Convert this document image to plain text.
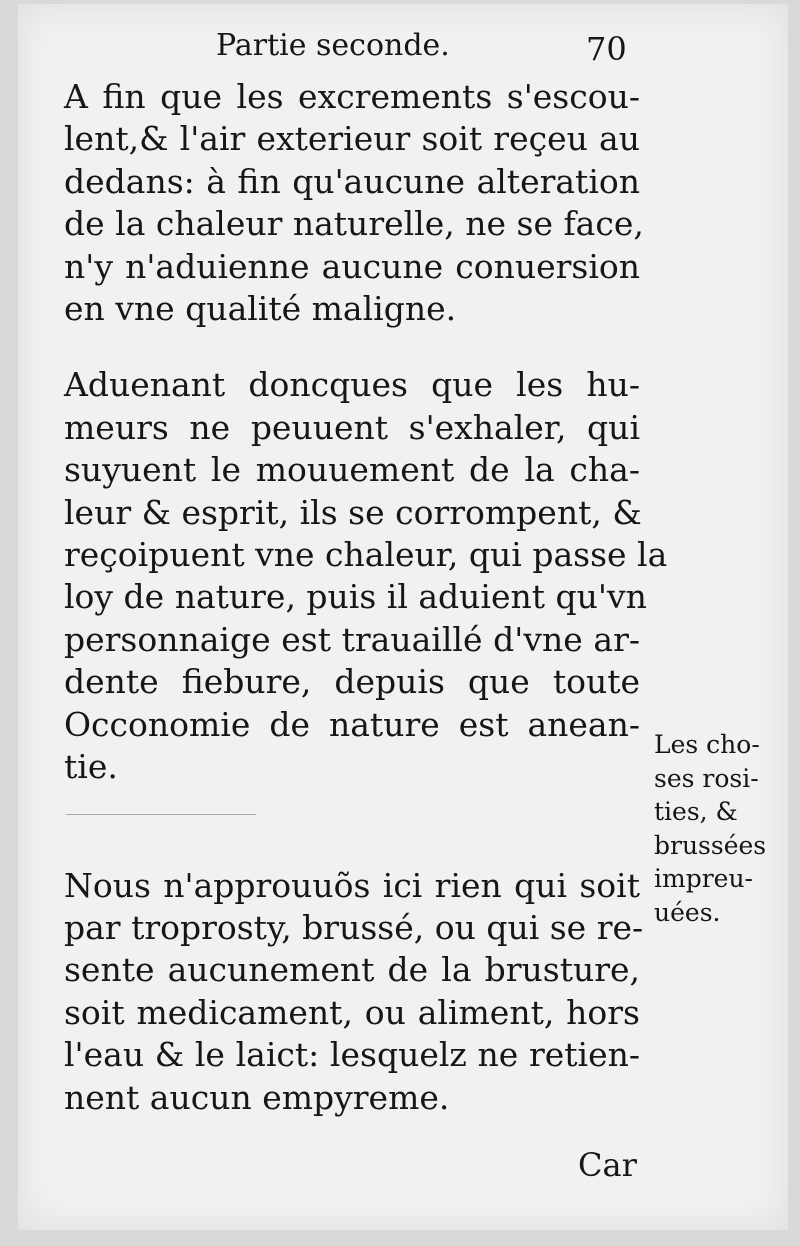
Partie seconde.	70
A fin que les excrements s'escou-
lent,& l'air exterieur soit reçeu au
dedans: à fin qu'aucune alteration
de la chaleur naturelle, ne se face,
n'y n'aduienne aucune conuersion
en vne qualité maligne.
Aduenant doncques que les hu-
meurs ne peuuent s'exhaler, qui
suyuent le mouuement de la cha-
leur & esprit, ils se corrompent, &
reçoipuent vne chaleur, qui passe la
loy de nature, puis il aduient qu'vn
personnaige est trauaillé d'vne ar-
dente fiebure, depuis que toute
Occonomie de nature est anean-
tie.
Nous n'approuuõs ici rien qui soit
par troprosty, brussé, ou qui se re-
sente aucunement de la brusture,
soit medicament, ou aliment, hors
l'eau & le laict: lesquelz ne retien-
nent aucun empyreme.
Les cho-
ses rosi-
ties, &
brussées
impreu-
uées.
Car
